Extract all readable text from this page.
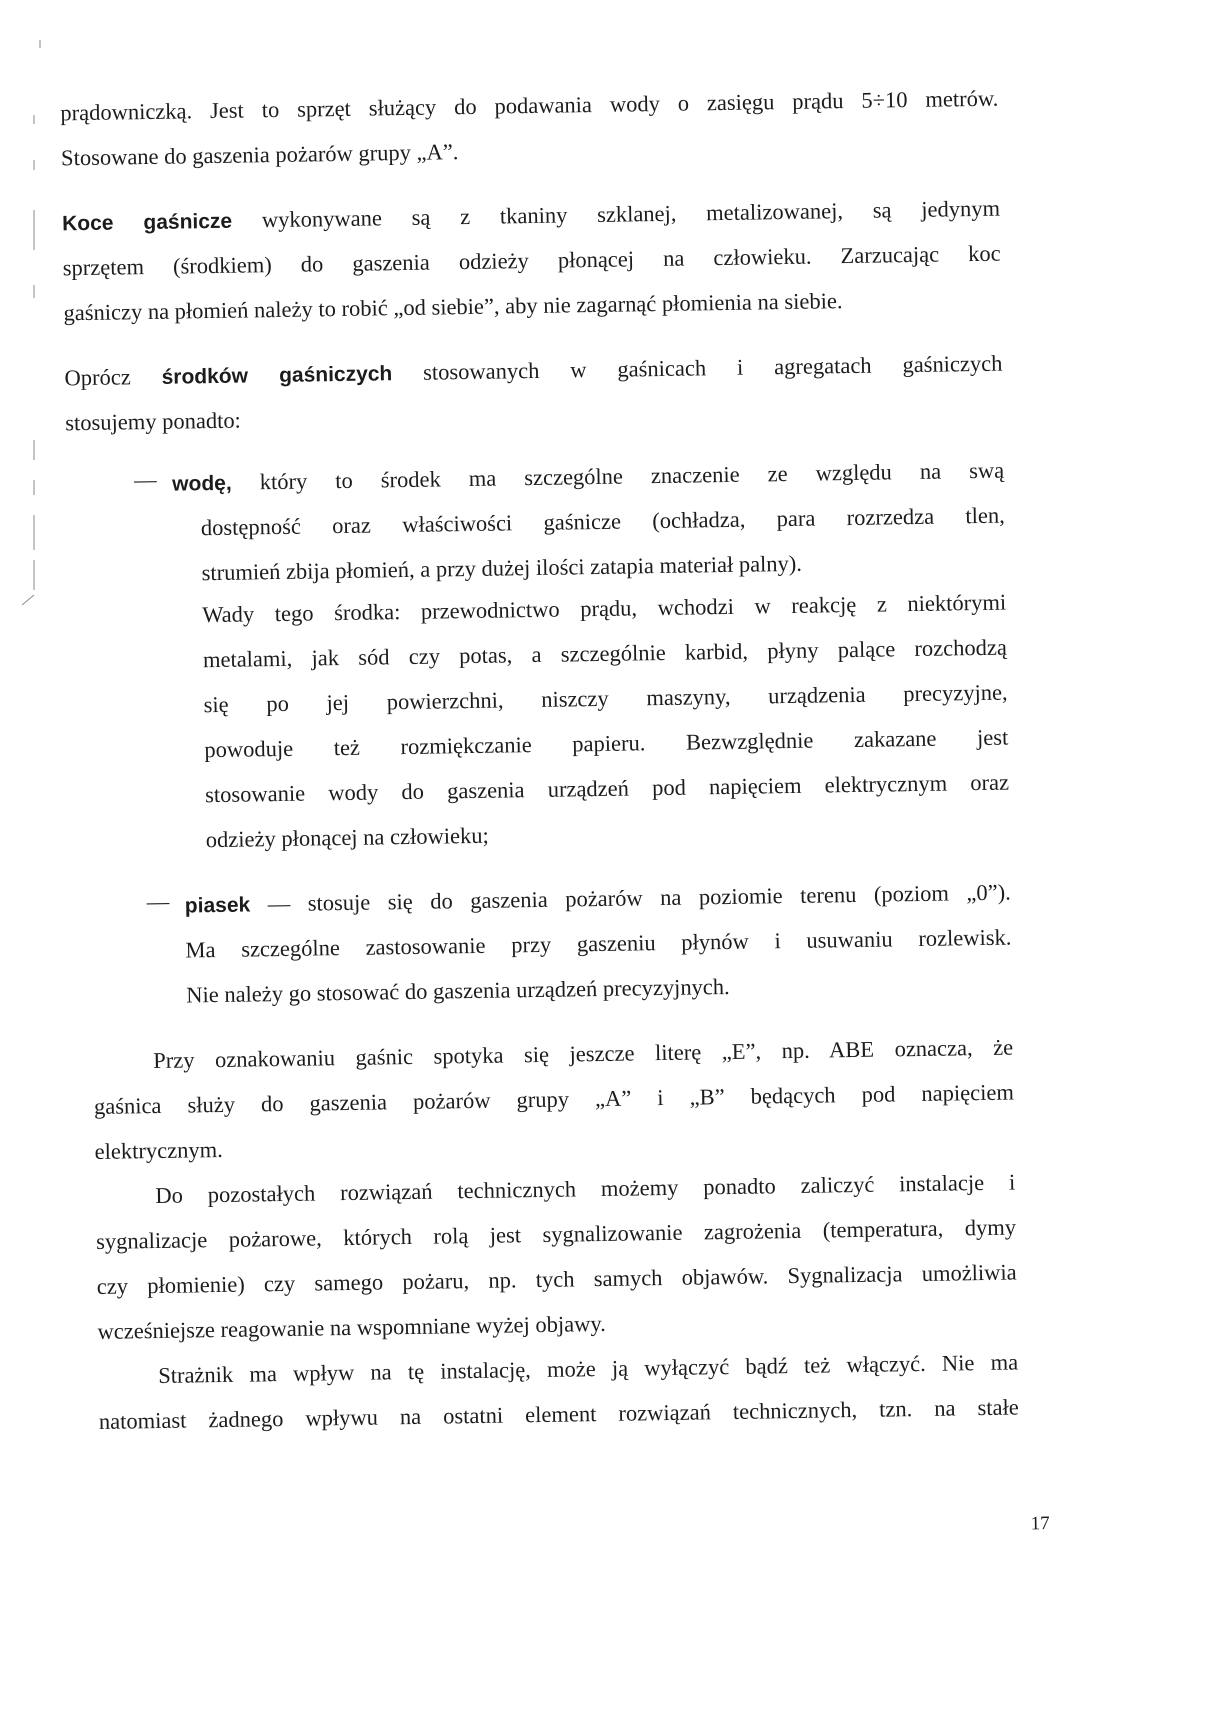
prądowniczką. Jest to sprzęt służący do podawania wody o zasięgu prądu 5÷10 metrów.

Stosowane do gaszenia pożarów grupy „A”.

Koce gaśnicze wykonywane są z tkaniny szklanej, metalizowanej, są jedynym

sprzętem (środkiem) do gaszenia odzieży płonącej na człowieku. Zarzucając koc

gaśniczy na płomień należy to robić „od siebie”, aby nie zagarnąć płomienia na siebie.

Oprócz środków gaśniczych stosowanych w gaśnicach i agregatach gaśniczych

stosujemy ponadto:

— wodę, który to środek ma szczególne znaczenie ze względu na swą

dostępność oraz właściwości gaśnicze (ochładza, para rozrzedza tlen,

strumień zbija płomień, a przy dużej ilości zatapia materiał palny).

Wady tego środka: przewodnictwo prądu, wchodzi w reakcję z niektórymi

metalami, jak sód czy potas, a szczególnie karbid, płyny palące rozchodzą

się po jej powierzchni, niszczy maszyny, urządzenia precyzyjne,

powoduje też rozmiękczanie papieru. Bezwzględnie zakazane jest

stosowanie wody do gaszenia urządzeń pod napięciem elektrycznym oraz

odzieży płonącej na człowieku;

— piasek — stosuje się do gaszenia pożarów na poziomie terenu (poziom „0”).

Ma szczególne zastosowanie przy gaszeniu płynów i usuwaniu rozlewisk.

Nie należy go stosować do gaszenia urządzeń precyzyjnych.

Przy oznakowaniu gaśnic spotyka się jeszcze literę „E”, np. ABE oznacza, że

gaśnica służy do gaszenia pożarów grupy „A” i „B” będących pod napięciem

elektrycznym.

Do pozostałych rozwiązań technicznych możemy ponadto zaliczyć instalacje i

sygnalizacje pożarowe, których rolą jest sygnalizowanie zagrożenia (temperatura, dymy

czy płomienie) czy samego pożaru, np. tych samych objawów. Sygnalizacja umożliwia

wcześniejsze reagowanie na wspomniane wyżej objawy.

Strażnik ma wpływ na tę instalację, może ją wyłączyć bądź też włączyć. Nie ma

natomiast żadnego wpływu na ostatni element rozwiązań technicznych, tzn. na stałe

17
